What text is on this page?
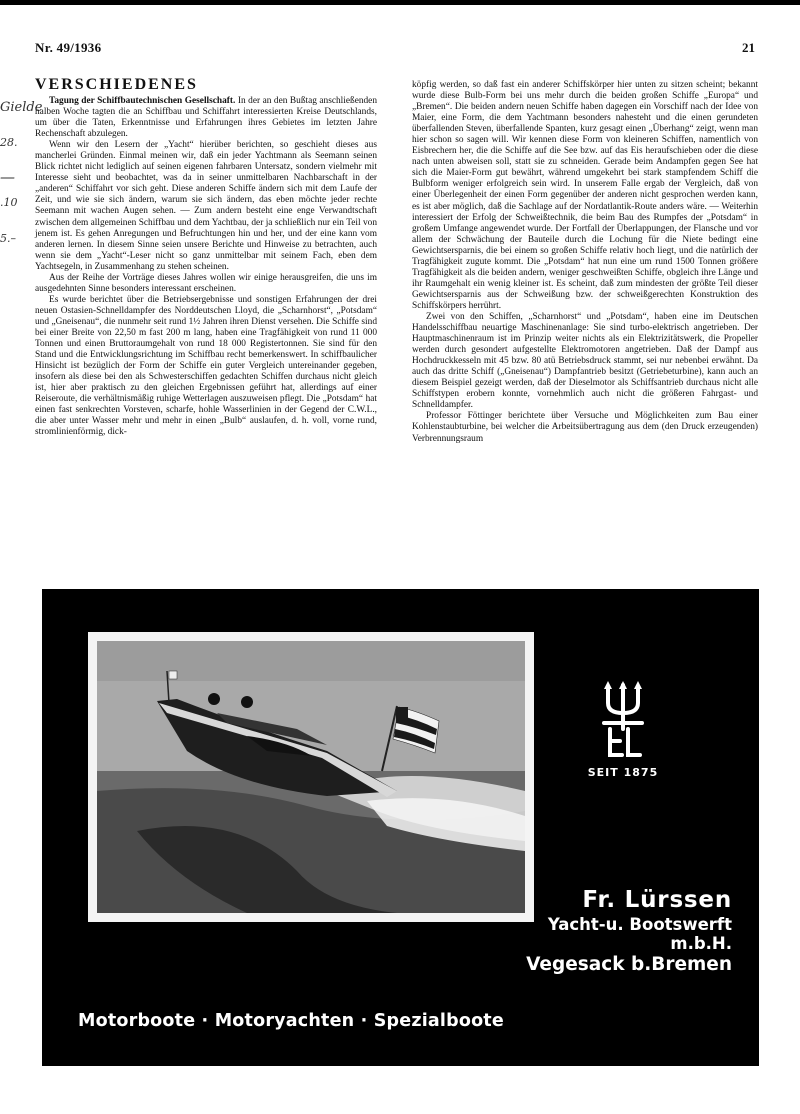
Nr. 49/1936	21
Gielde
28.
—
.10
5.–
VERSCHIEDENES

Tagung der Schiffbautechnischen Gesellschaft. In der an den Bußtag anschließenden halben Woche tagten die an Schiffbau und Schiffahrt interessierten Kreise Deutschlands, um über die Taten, Erkenntnisse und Erfahrungen ihres Gebietes im letzten Jahre Rechenschaft abzulegen.

Wenn wir den Lesern der „Yacht“ hierüber berichten, so geschieht dieses aus mancherlei Gründen. Einmal meinen wir, daß ein jeder Yachtmann als Seemann seinen Blick richtet nicht lediglich auf seinen eigenen fahrbaren Untersatz, sondern vielmehr mit Interesse sieht und beobachtet, was da in seiner unmittelbaren Nachbarschaft in der „anderen“ Schiffahrt vor sich geht. Diese anderen Schiffe ändern sich mit dem Laufe der Zeit, und wie sie sich ändern, warum sie sich ändern, das eben möchte jeder rechte Seemann mit wachen Augen sehen. — Zum andern besteht eine enge Verwandtschaft zwischen dem allgemeinen Schiffbau und dem Yachtbau, der ja schließlich nur ein Teil von jenem ist. Es gehen Anregungen und Befruchtungen hin und her, und der eine kann vom anderen lernen. In diesem Sinne seien unsere Berichte und Hinweise zu betrachten, auch wenn sie dem „Yacht“-Leser nicht so ganz unmittelbar mit seinem Fach, eben dem Yachtsegeln, in Zusammenhang zu stehen scheinen.

Aus der Reihe der Vorträge dieses Jahres wollen wir einige herausgreifen, die uns im ausgedehnten Sinne besonders interessant erscheinen.

Es wurde berichtet über die Betriebsergebnisse und sonstigen Erfahrungen der drei neuen Ostasien-Schnelldampfer des Norddeutschen Lloyd, die „Scharnhorst“, „Potsdam“ und „Gneisenau“, die nunmehr seit rund 1½ Jahren ihren Dienst versehen. Die Schiffe sind bei einer Breite von 22,50 m fast 200 m lang, haben eine Tragfähigkeit von rund 11 000 Tonnen und einen Bruttoraumgehalt von rund 18 000 Registertonnen. Sie sind für den Stand und die Entwicklungsrichtung im Schiffbau recht bemerkenswert. In schiffbaulicher Hinsicht ist bezüglich der Form der Schiffe ein guter Vergleich untereinander gegeben, insofern als diese bei den als Schwesterschiffen gedachten Schiffen durchaus nicht gleich ist, hier aber praktisch zu den gleichen Ergebnissen geführt hat, allerdings auf einer Reiseroute, die verhältnismäßig ruhige Wetterlagen auszuweisen pflegt. Die „Potsdam“ hat einen fast senkrechten Vorsteven, scharfe, hohle Wasserlinien in der Gegend der C.W.L., die aber unter Wasser mehr und mehr in einen „Bulb“ auslaufen, d. h. voll, vorne rund, stromlinienförmig, dick-

köpfig werden, so daß fast ein anderer Schiffskörper hier unten zu sitzen scheint; bekannt wurde diese Bulb-Form bei uns mehr durch die beiden großen Schiffe „Europa“ und „Bremen“. Die beiden andern neuen Schiffe haben dagegen ein Vorschiff nach der Idee von Maier, eine Form, die dem Yachtmann besonders nahesteht und die einen gerundeten überfallenden Steven, überfallende Spanten, kurz gesagt einen „Überhang“ zeigt, wenn man hier schon so sagen will. Wir kennen diese Form von kleineren Schiffen, namentlich von Eisbrechern her, die die Schiffe auf die See bzw. auf das Eis heraufschieben oder die diese nach unten abweisen soll, statt sie zu schneiden. Gerade beim Andampfen gegen See hat sich die Maier-Form gut bewährt, während umgekehrt bei stark stampfendem Schiff die Bulbform weniger erfolgreich sein wird. In unserem Falle ergab der Vergleich, daß von einer Überlegenheit der einen Form gegenüber der anderen nicht gesprochen werden kann, es ist aber möglich, daß die Sachlage auf der Nordatlantik-Route anders wäre. — Weiterhin interessiert der Erfolg der Schweißtechnik, die beim Bau des Rumpfes der „Potsdam“ in großem Umfange angewendet wurde. Der Fortfall der Überlappungen, der Flansche und vor allem der Schwächung der Bauteile durch die Lochung für die Niete bedingt eine Gewichtsersparnis, die bei einem so großen Schiffe relativ hoch liegt, und die natürlich der Tragfähigkeit zugute kommt. Die „Potsdam“ hat nun eine um rund 1500 Tonnen größere Tragfähigkeit als die beiden andern, weniger geschweißten Schiffe, obgleich ihre Länge und ihr Raumgehalt ein wenig kleiner ist. Es scheint, daß zum mindesten der größte Teil dieser Gewichtsersparnis aus der Schweißung bzw. der schweißgerechten Konstruktion des Schiffskörpers herrührt.

Zwei von den Schiffen, „Scharnhorst“ und „Potsdam“, haben eine im Deutschen Handelsschiffbau neuartige Maschinenanlage: Sie sind turbo-elektrisch angetrieben. Der Hauptmaschinenraum ist im Prinzip weiter nichts als ein Elektrizitätswerk, die Propeller werden durch gesondert aufgestellte Elektromotoren angetrieben. Daß der Dampf aus Hochdruckkesseln mit 45 bzw. 80 atü Betriebsdruck stammt, sei nur nebenbei erwähnt. Da auch das dritte Schiff („Gneisenau“) Dampfantrieb besitzt (Getriebeturbine), kann auch an diesem Beispiel gezeigt werden, daß der Dieselmotor als Schiffsantrieb durchaus nicht alle Schiffstypen erobern konnte, vornehmlich auch nicht die größeren Fahrgast- und Schnelldampfer.

Professor Föttinger berichtete über Versuche und Möglichkeiten zum Bau einer Kohlenstaubturbine, bei welcher die Arbeitsübertragung aus dem (den Druck erzeugenden) Verbrennungsraum

SEIT 1875
Fr. Lürssen
Yacht-u. Bootswerft m.b.H.
Vegesack b.Bremen
Motorboote · Motoryachten · Spezialboote
